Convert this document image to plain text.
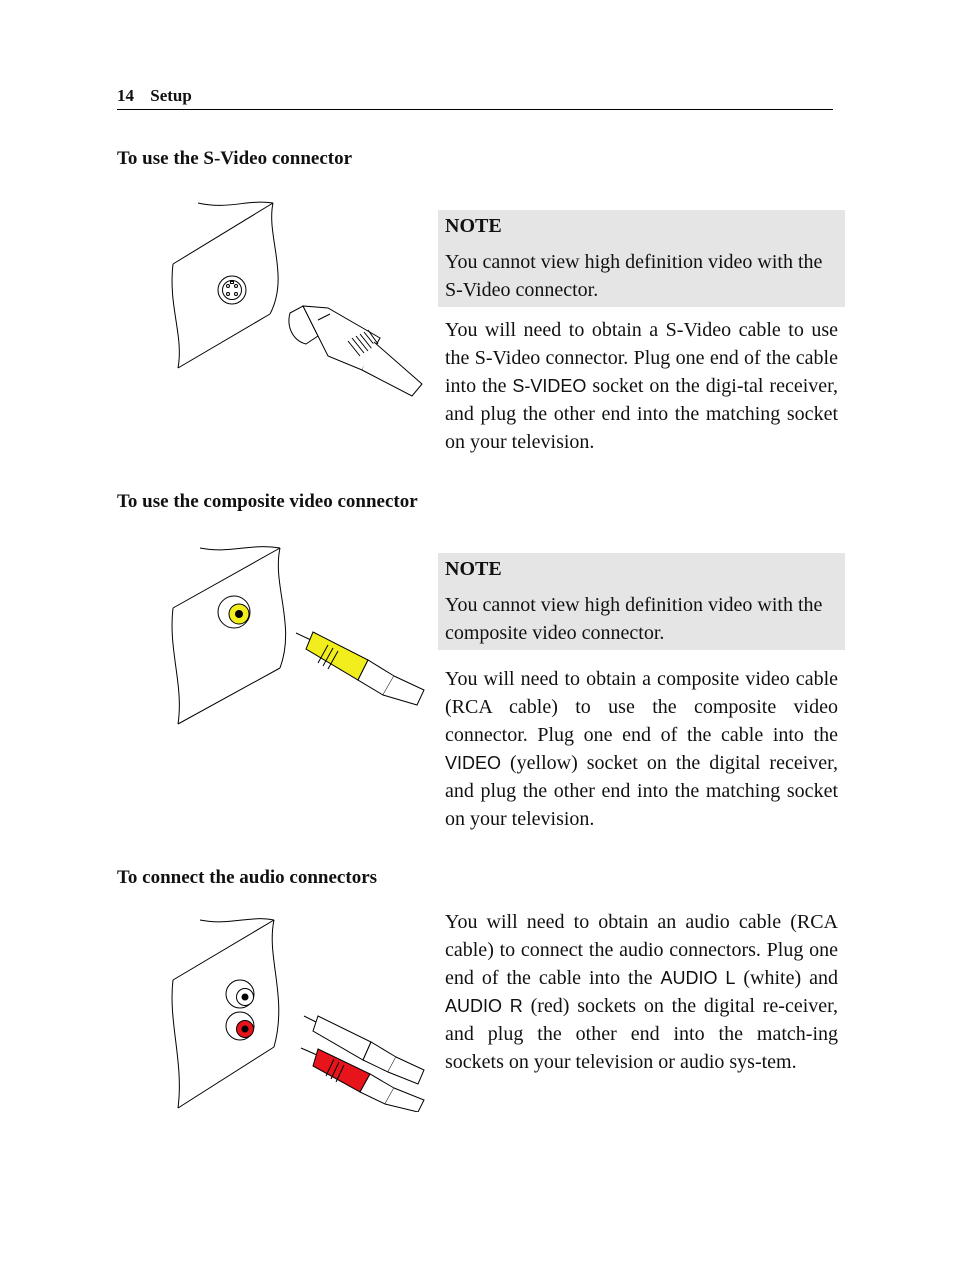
14 Setup
To use the S-Video connector
NOTE
You cannot view high definition video with the S-Video connector.
You will need to obtain a S-Video cable to use the S-Video connector. Plug one end of the cable into the S-VIDEO socket on the digi-tal receiver, and plug the other end into the matching socket on your television.
To use the composite video connector
NOTE
You cannot view high definition video with the composite video connector.
You will need to obtain a composite video cable (RCA cable) to use the composite video connector. Plug one end of the cable into the VIDEO (yellow) socket on the digital receiver, and plug the other end into the matching socket on your television.
To connect the audio connectors
You will need to obtain an audio cable (RCA cable) to connect the audio connectors. Plug one end of the cable into the AUDIO L (white) and AUDIO R (red) sockets on the digital re-ceiver, and plug the other end into the match-ing sockets on your television or audio sys-tem.
